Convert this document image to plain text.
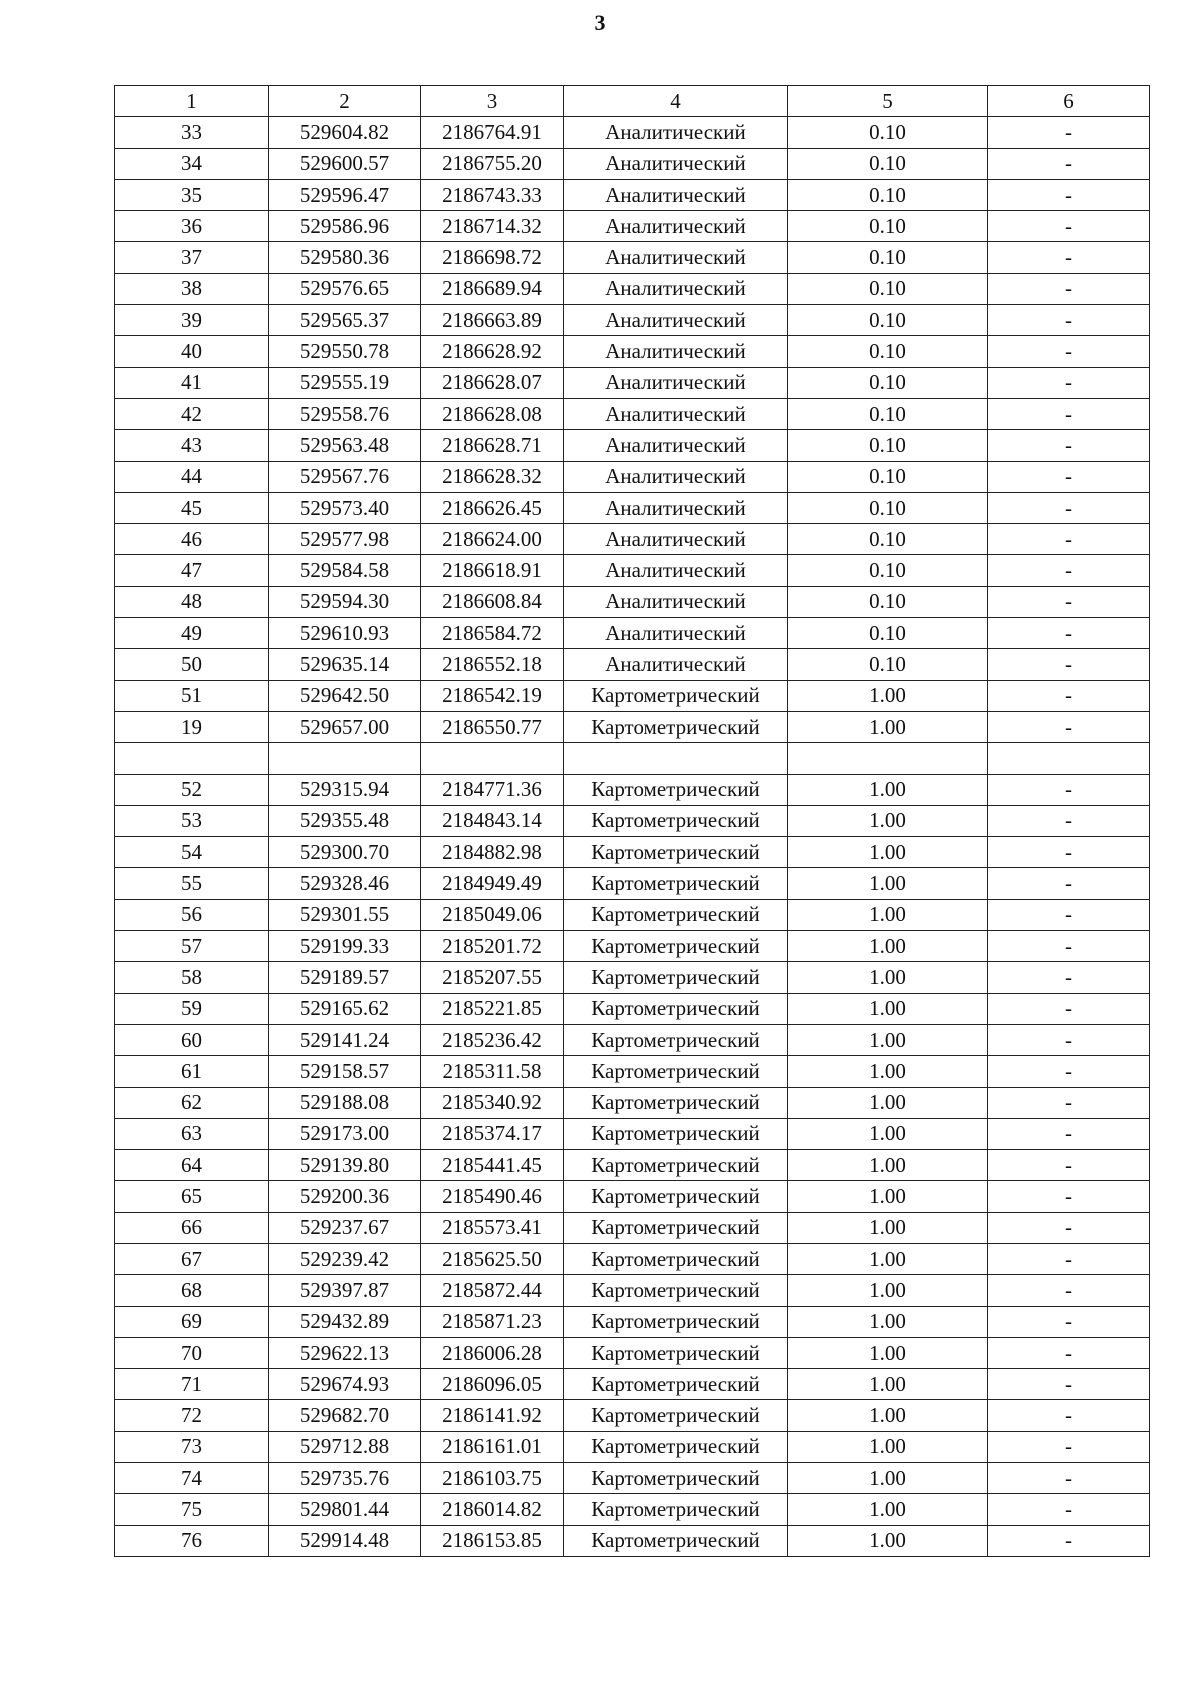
3
1	2	3	4	5	6
33	529604.82	2186764.91	Аналитический	0.10	-
34	529600.57	2186755.20	Аналитический	0.10	-
35	529596.47	2186743.33	Аналитический	0.10	-
36	529586.96	2186714.32	Аналитический	0.10	-
37	529580.36	2186698.72	Аналитический	0.10	-
38	529576.65	2186689.94	Аналитический	0.10	-
39	529565.37	2186663.89	Аналитический	0.10	-
40	529550.78	2186628.92	Аналитический	0.10	-
41	529555.19	2186628.07	Аналитический	0.10	-
42	529558.76	2186628.08	Аналитический	0.10	-
43	529563.48	2186628.71	Аналитический	0.10	-
44	529567.76	2186628.32	Аналитический	0.10	-
45	529573.40	2186626.45	Аналитический	0.10	-
46	529577.98	2186624.00	Аналитический	0.10	-
47	529584.58	2186618.91	Аналитический	0.10	-
48	529594.30	2186608.84	Аналитический	0.10	-
49	529610.93	2186584.72	Аналитический	0.10	-
50	529635.14	2186552.18	Аналитический	0.10	-
51	529642.50	2186542.19	Картометрический	1.00	-
19	529657.00	2186550.77	Картометрический	1.00	-

52	529315.94	2184771.36	Картометрический	1.00	-
53	529355.48	2184843.14	Картометрический	1.00	-
54	529300.70	2184882.98	Картометрический	1.00	-
55	529328.46	2184949.49	Картометрический	1.00	-
56	529301.55	2185049.06	Картометрический	1.00	-
57	529199.33	2185201.72	Картометрический	1.00	-
58	529189.57	2185207.55	Картометрический	1.00	-
59	529165.62	2185221.85	Картометрический	1.00	-
60	529141.24	2185236.42	Картометрический	1.00	-
61	529158.57	2185311.58	Картометрический	1.00	-
62	529188.08	2185340.92	Картометрический	1.00	-
63	529173.00	2185374.17	Картометрический	1.00	-
64	529139.80	2185441.45	Картометрический	1.00	-
65	529200.36	2185490.46	Картометрический	1.00	-
66	529237.67	2185573.41	Картометрический	1.00	-
67	529239.42	2185625.50	Картометрический	1.00	-
68	529397.87	2185872.44	Картометрический	1.00	-
69	529432.89	2185871.23	Картометрический	1.00	-
70	529622.13	2186006.28	Картометрический	1.00	-
71	529674.93	2186096.05	Картометрический	1.00	-
72	529682.70	2186141.92	Картометрический	1.00	-
73	529712.88	2186161.01	Картометрический	1.00	-
74	529735.76	2186103.75	Картометрический	1.00	-
75	529801.44	2186014.82	Картометрический	1.00	-
76	529914.48	2186153.85	Картометрический	1.00	-
